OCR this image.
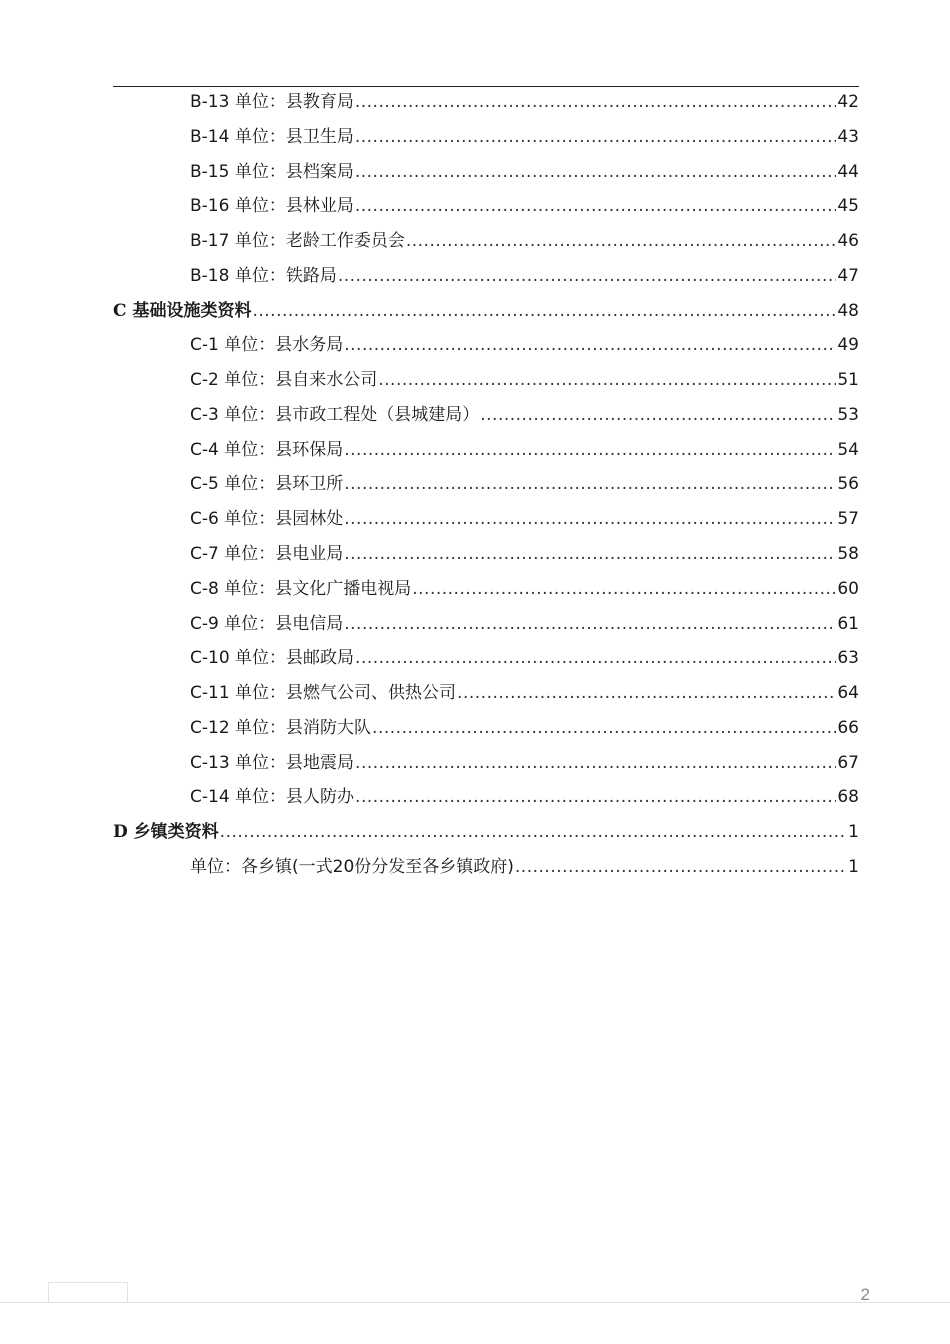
B-13 单位：县教育局 .....	42
B-14 单位：县卫生局 .....	43
B-15 单位：县档案局 .....	44
B-16 单位：县林业局 .....	45
B-17 单位：老龄工作委员会 .....	46
B-18 单位：铁路局 .....	47
C 基础设施类资料 .....	48
C-1 单位：县水务局 .....	49
C-2 单位：县自来水公司 .....	51
C-3 单位：县市政工程处（县城建局） .....	53
C-4 单位：县环保局 .....	54
C-5 单位：县环卫所 .....	56
C-6 单位：县园林处 .....	57
C-7 单位：县电业局 .....	58
C-8 单位：县文化广播电视局 .....	60
C-9 单位：县电信局 .....	61
C-10 单位：县邮政局 .....	63
C-11 单位：县燃气公司、供热公司 .....	64
C-12 单位：县消防大队 .....	66
C-13 单位：县地震局 .....	67
C-14 单位：县人防办 .....	68
D 乡镇类资料 .....	1
单位：各乡镇(一式20份分发至各乡镇政府) .....	1
2
